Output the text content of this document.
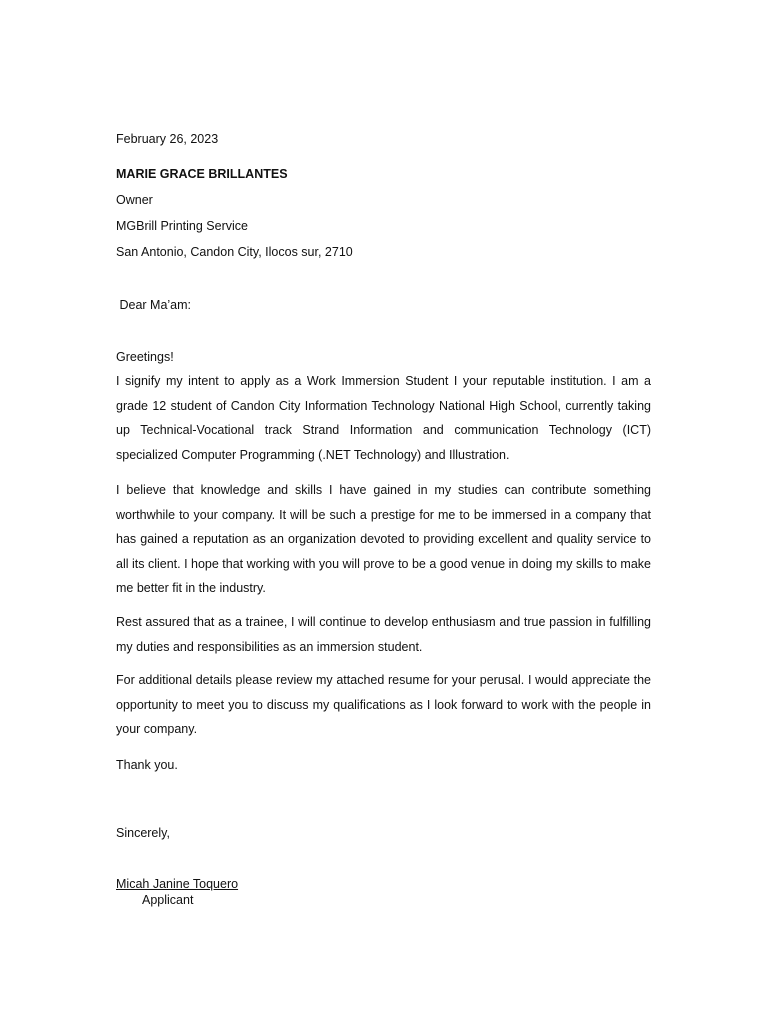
February 26, 2023
MARIE GRACE BRILLANTES
Owner
MGBrill Printing Service
San Antonio, Candon City, Ilocos sur, 2710
Dear Ma’am:
Greetings!
I signify my intent to apply as a Work Immersion Student I your reputable institution. I am a grade 12 student of Candon City Information Technology National High School, currently taking up Technical-Vocational track Strand Information and communication Technology (ICT) specialized Computer Programming (.NET Technology) and Illustration.
I believe that knowledge and skills I have gained in my studies can contribute something worthwhile to your company. It will be such a prestige for me to be immersed in a company that has gained a reputation as an organization devoted to providing excellent and quality service to all its client. I hope that working with you will prove to be a good venue in doing my skills to make me better fit in the industry.
Rest assured that as a trainee, I will continue to develop enthusiasm and true passion in fulfilling my duties and responsibilities as an immersion student.
For additional details please review my attached resume for your perusal. I would appreciate the opportunity to meet you to discuss my qualifications as I look forward to work with the people in your company.
Thank you.
Sincerely,
Micah Janine Toquero
Applicant
